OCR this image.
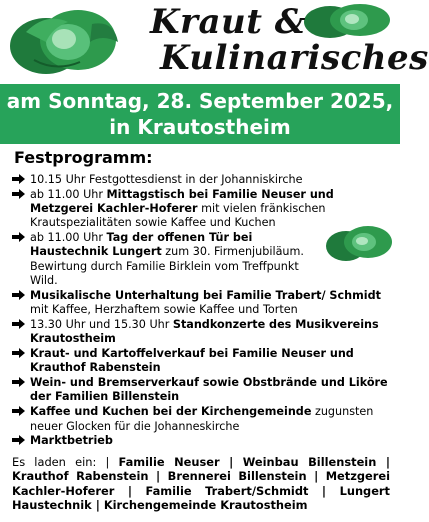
Kraut &
Kulinarisches
am Sonntag, 28. September 2025,
in Krautostheim
Festprogramm:
10.15 Uhr Festgottesdienst in der Johanniskirche
ab 11.00 Uhr Mittagstisch bei Familie Neuser und Metzgerei Kachler-Hoferer mit vielen fränkischen Krautspezialitäten sowie Kaffee und Kuchen
ab 11.00 Uhr Tag der offenen Tür bei Haustechnik Lungert zum 30. Firmenjubiläum. Bewirtung durch Familie Birklein vom Treffpunkt Wild.
Musikalische Unterhaltung bei Familie Trabert/ Schmidt mit Kaffee, Herzhaftem sowie Kaffee und Torten
13.30 Uhr und 15.30 Uhr Standkonzerte des Musikvereins Krautostheim
Kraut- und Kartoffelverkauf bei Familie Neuser und Krauthof Rabenstein
Wein- und Bremserverkauf sowie Obstbrände und Liköre der Familien Billenstein
Kaffee und Kuchen bei der Kirchengemeinde zugunsten neuer Glocken für die Johanneskirche
Marktbetrieb
Es laden ein: | Familie Neuser | Weinbau Billenstein | Krauthof Rabenstein | Brennerei Billenstein | Metzgerei Kachler-Hoferer | Familie Trabert/Schmidt | Lungert Haustechnik | Kirchengemeinde Krautostheim
